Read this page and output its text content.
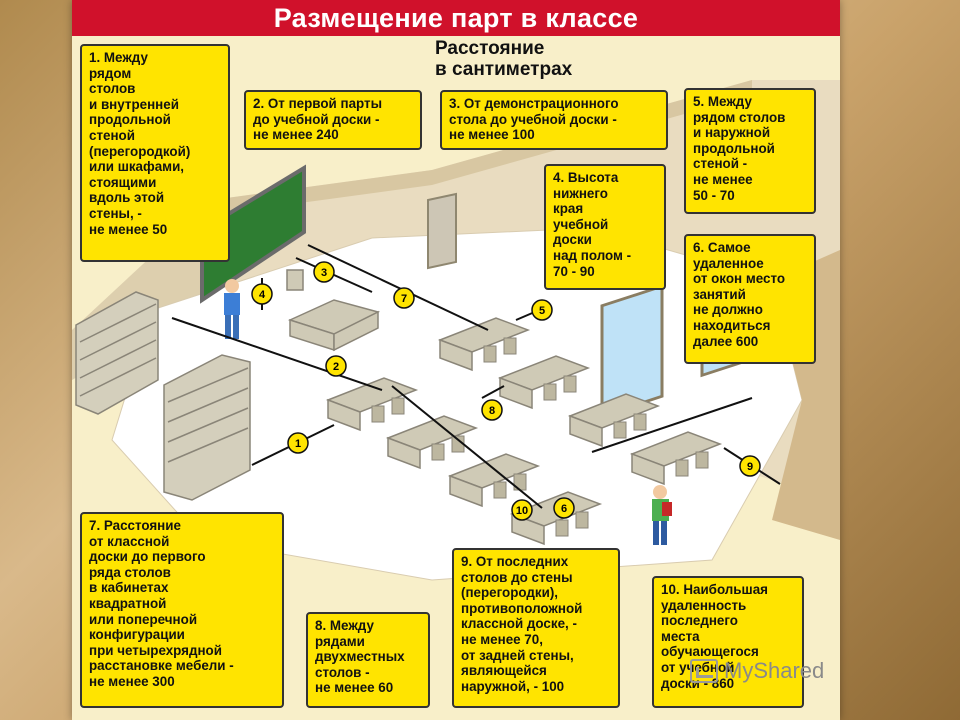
Размещение парт в классе
1
2
3
4
5
6
7
8
9
10
Расстояние
в сантиметрах
1. Между
рядом
столов
и внутренней
продольной
стеной
(перегородкой)
или шкафами,
стоящими
вдоль этой
стены, -
не менее 50
2. От первой парты
до учебной доски -
не менее 240
3. От демонстрационного
стола до учебной доски -
не менее 100
4. Высота
нижнего
края
учебной
доски
над полом -
70 - 90
5. Между
рядом столов
и наружной
продольной
стеной -
не менее
50 - 70
6. Самое
удаленное
от окон место
занятий
не должно
находиться
далее 600
7. Расстояние
от классной
доски до первого
ряда столов
в кабинетах
квадратной
или поперечной
конфигурации
при четырехрядной
расстановке мебели -
не менее 300
8. Между
рядами
двухместных
столов -
не менее 60
9. От последних
столов до стены
(перегородки),
противоположной
классной доске, -
не менее 70,
от задней стены,
являющейся
наружной, - 100
10. Наибольшая
удаленность
последнего
места
обучающегося
от учебной
доски - 860
MyShared
